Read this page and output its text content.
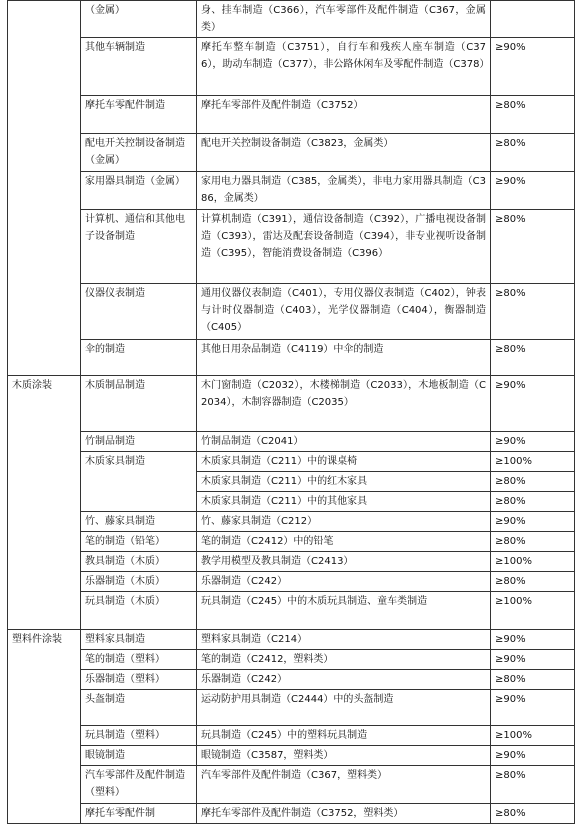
	（金属）	身、挂车制造（C366），汽车零部件及配件制造（C367，金属类）	
	其他车辆制造	摩托车整车制造（C3751），自行车和残疾人座车制造（C376），助动车制造（C377），非公路休闲车及零配件制造（C378）	≥90%
	摩托车零配件制造	摩托车零部件及配件制造（C3752）	≥80%
	配电开关控制设备制造（金属）	配电开关控制设备制造（C3823，金属类）	≥80%
	家用器具制造（金属）	家用电力器具制造（C385，金属类），非电力家用器具制造（C386，金属类）	≥90%
	计算机、通信和其他电子设备制造	计算机制造（C391），通信设备制造（C392），广播电视设备制造（C393），雷达及配套设备制造（C394），非专业视听设备制造（C395），智能消费设备制造（C396）	≥80%
	仪器仪表制造	通用仪器仪表制造（C401），专用仪器仪表制造（C402），钟表与计时仪器制造（C403），光学仪器制造（C404），衡器制造（C405）	≥80%
	伞的制造	其他日用杂品制造（C4119）中伞的制造	≥80%
木质涂装	木质制品制造	木门窗制造（C2032），木楼梯制造（C2033），木地板制造（C2034），木制容器制造（C2035）	≥90%
	竹制品制造	竹制品制造（C2041）	≥90%
	木质家具制造	木质家具制造（C211）中的课桌椅	≥100%
		木质家具制造（C211）中的红木家具	≥80%
		木质家具制造（C211）中的其他家具	≥80%
	竹、藤家具制造	竹、藤家具制造（C212）	≥90%
	笔的制造（铅笔）	笔的制造（C2412）中的铅笔	≥80%
	教具制造（木质）	教学用模型及教具制造（C2413）	≥100%
	乐器制造（木质）	乐器制造（C242）	≥80%
	玩具制造（木质）	玩具制造（C245）中的木质玩具制造、童车类制造	≥100%
塑料件涂装	塑料家具制造	塑料家具制造（C214）	≥90%
	笔的制造（塑料）	笔的制造（C2412，塑料类）	≥90%
	乐器制造（塑料）	乐器制造（C242）	≥80%
	头盔制造	运动防护用具制造（C2444）中的头盔制造	≥90%
	玩具制造（塑料）	玩具制造（C245）中的塑料玩具制造	≥100%
	眼镜制造	眼镜制造（C3587，塑料类）	≥90%
	汽车零部件及配件制造（塑料）	汽车零部件及配件制造（C367，塑料类）	≥80%
	摩托车零配件制	摩托车零部件及配件制造（C3752，塑料类）	≥80%
